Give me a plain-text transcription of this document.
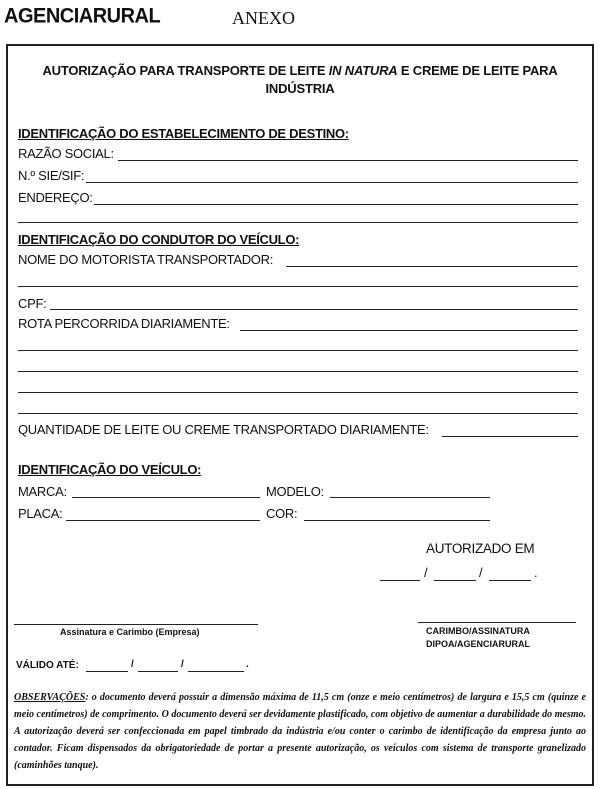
AGENCIARURAL	ANEXO
AUTORIZAÇÃO PARA TRANSPORTE DE LEITE IN NATURA E CREME DE LEITE PARA
INDÚSTRIA
IDENTIFICAÇÃO DO ESTABELECIMENTO DE DESTINO:
RAZÃO SOCIAL:
N.º SIE/SIF:
ENDEREÇO:
IDENTIFICAÇÃO DO CONDUTOR DO VEÍCULO:
NOME DO MOTORISTA TRANSPORTADOR:
CPF:
ROTA PERCORRIDA DIARIAMENTE:
QUANTIDADE DE LEITE OU CREME TRANSPORTADO DIARIAMENTE:
IDENTIFICAÇÃO DO VEÍCULO:
MARCA:	MODELO:
PLACA:	COR:
AUTORIZADO EM
/	/	.
Assinatura e Carimbo (Empresa)	CARIMBO/ASSINATURA
DIPOA/AGENCIARURAL
VÁLIDO ATÉ:	/	/	.
OBSERVAÇÕES: o documento deverá possuir a dimensão máxima de 11,5 cm (onze e meio centímetros) de largura e 15,5 cm (quinze e meio centímetros) de comprimento. O documento deverá ser devidamente plastificado, com objetivo de aumentar a durabilidade do mesmo. A autorização deverá ser confeccionada em papel timbrado da indústria e/ou conter o carimbo de identificação da empresa junto ao contador. Ficam dispensados da obrigatoriedade de portar a presente autorização, os veículos com sistema de transporte granelizado (caminhões tanque).
